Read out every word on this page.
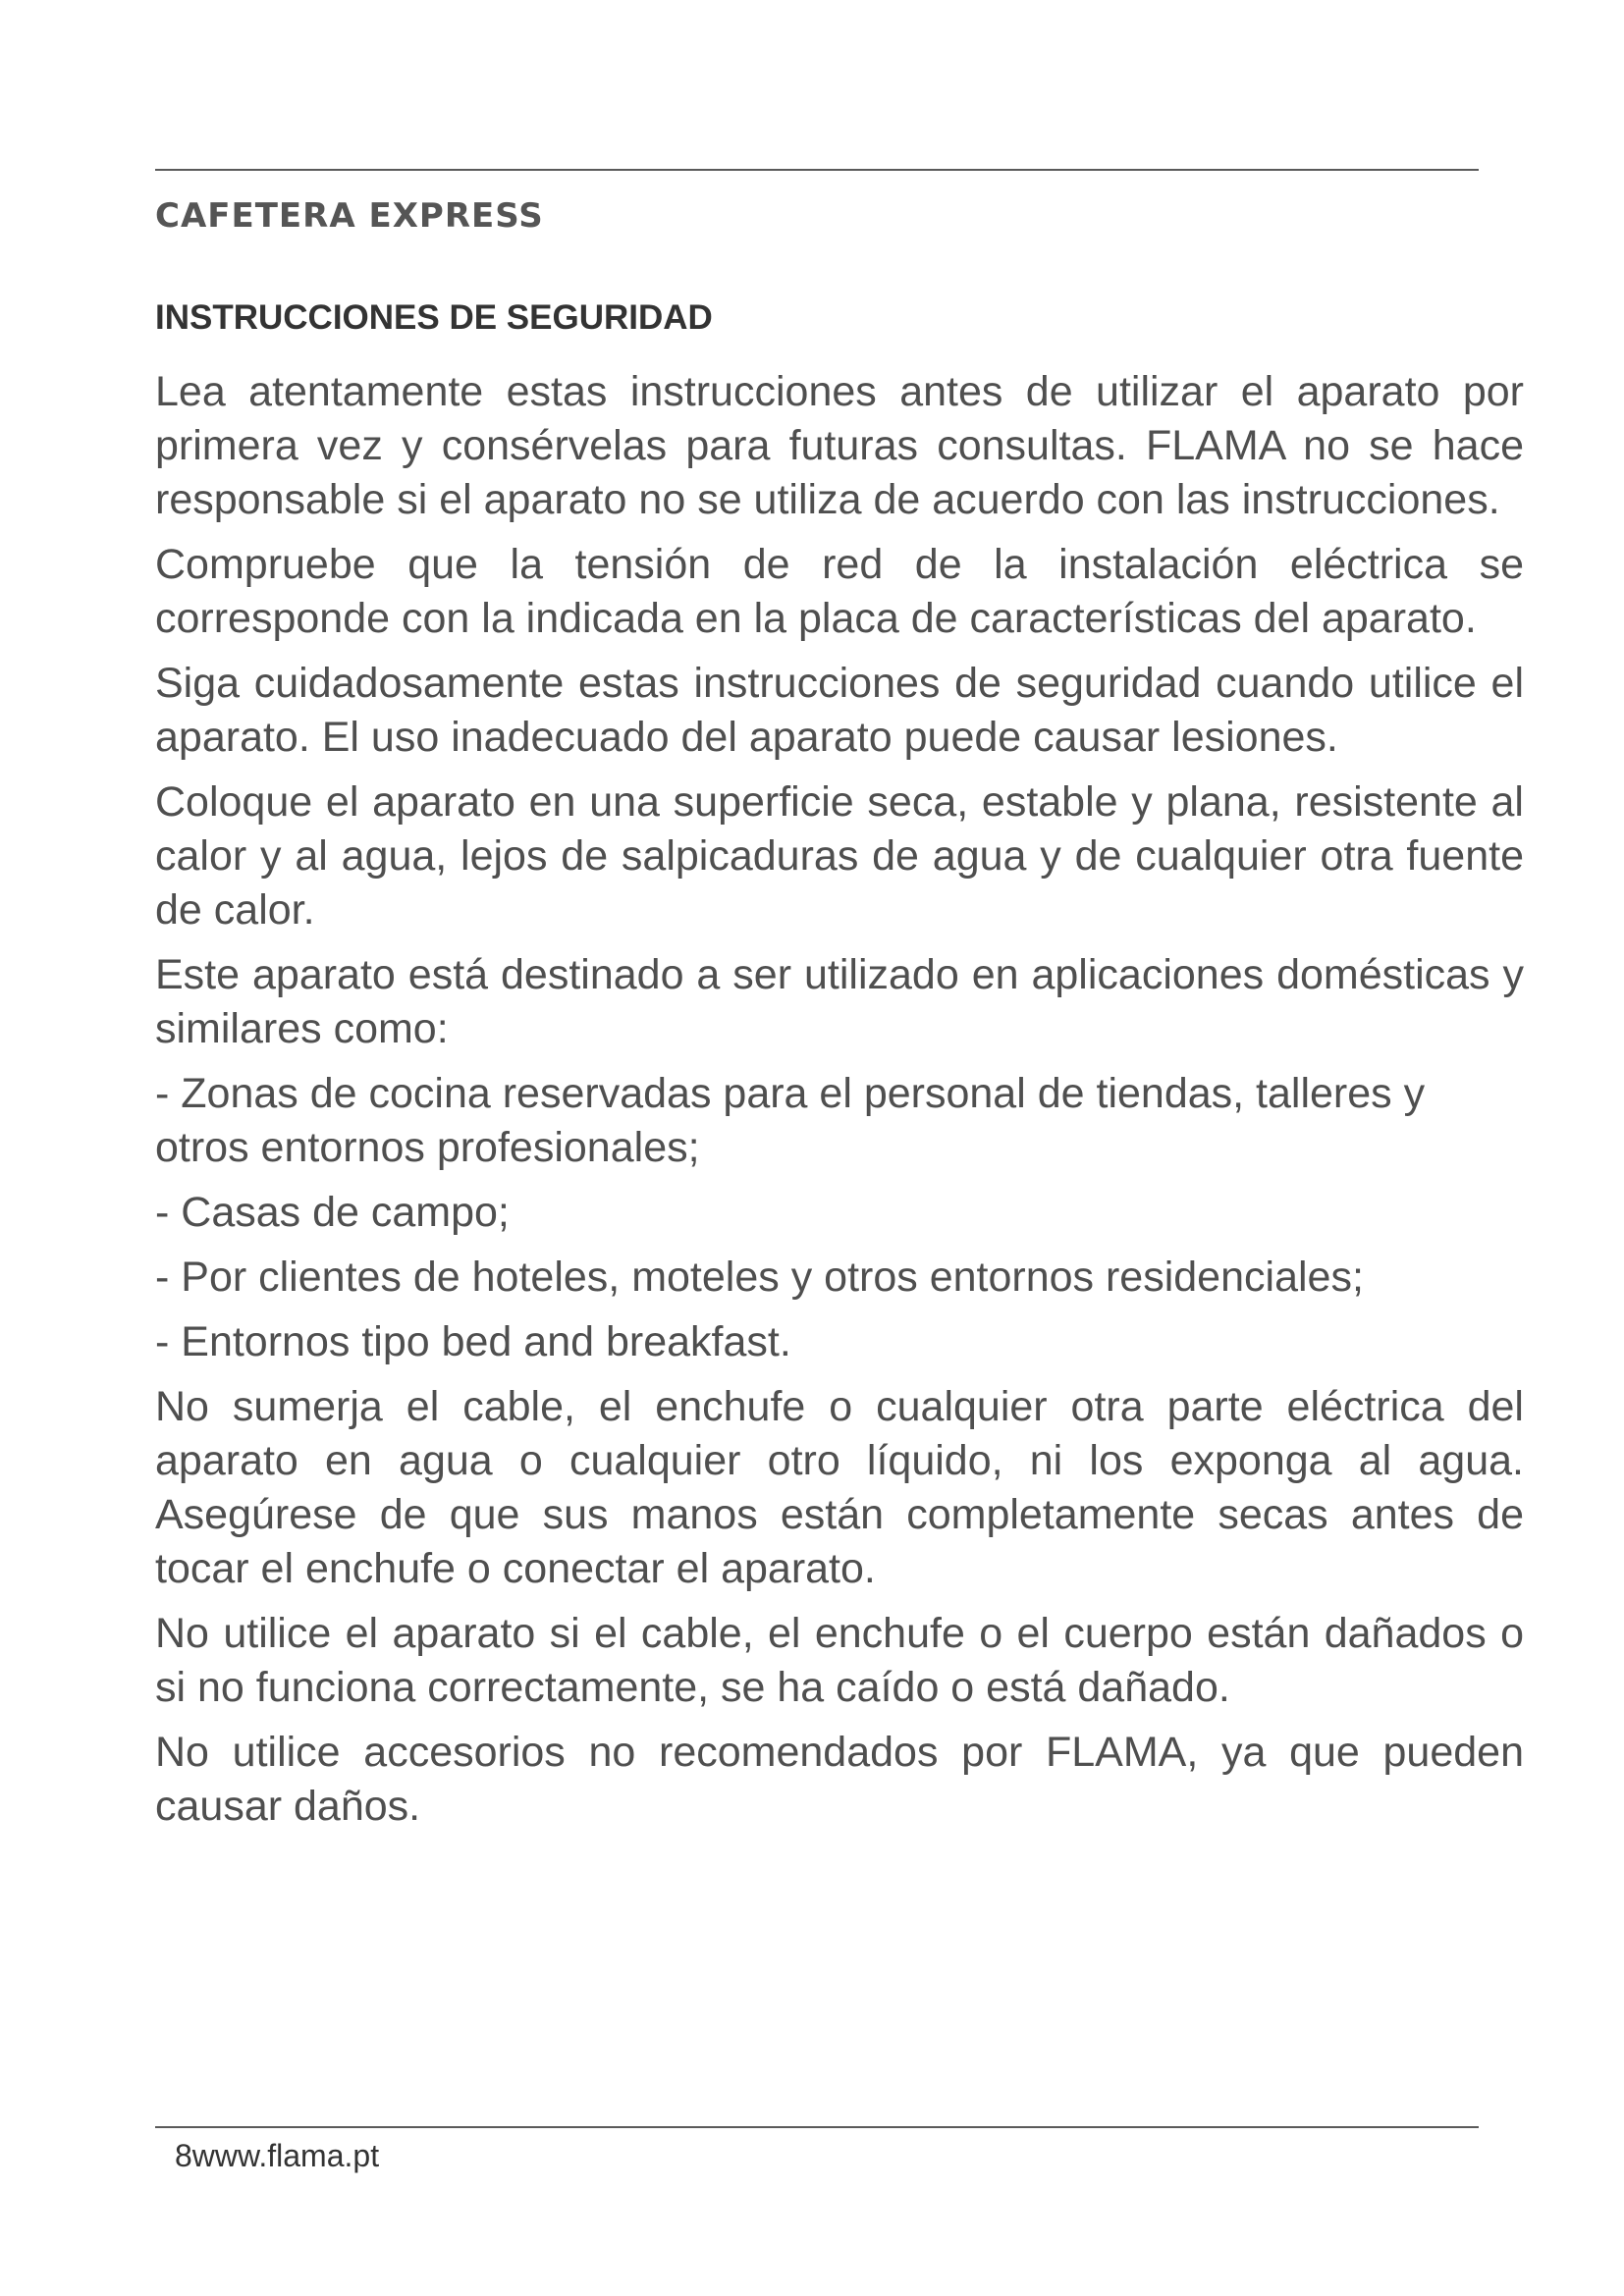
CAFETERA EXPRESS
INSTRUCCIONES DE SEGURIDAD

Lea atentamente estas instrucciones antes de utilizar el aparato por primera vez y consérvelas para futuras consultas. FLAMA no se hace responsable si el aparato no se utiliza de acuerdo con las instrucciones.

Compruebe que la tensión de red de la instalación eléctrica se corresponde con la indicada en la placa de características del aparato.

Siga cuidadosamente estas instrucciones de seguridad cuando utilice el aparato. El uso inadecuado del aparato puede causar lesiones.

Coloque el aparato en una superficie seca, estable y plana, resistente al calor y al agua, lejos de salpicaduras de agua y de cualquier otra fuente de calor.

Este aparato está destinado a ser utilizado en aplicaciones domésticas y similares como:

- Zonas de cocina reservadas para el personal de tiendas, talleres y otros entornos profesionales;

- Casas de campo;

- Por clientes de hoteles, moteles y otros entornos residenciales;

- Entornos tipo bed and breakfast.

No sumerja el cable, el enchufe o cualquier otra parte eléctrica del aparato en agua o cualquier otro líquido, ni los exponga al agua. Asegúrese de que sus manos están completamente secas antes de tocar el enchufe o conectar el aparato.

No utilice el aparato si el cable, el enchufe o el cuerpo están dañados o si no funciona correctamente, se ha caído o está dañado.

No utilice accesorios no recomendados por FLAMA, ya que pueden causar daños.

8www.flama.pt
